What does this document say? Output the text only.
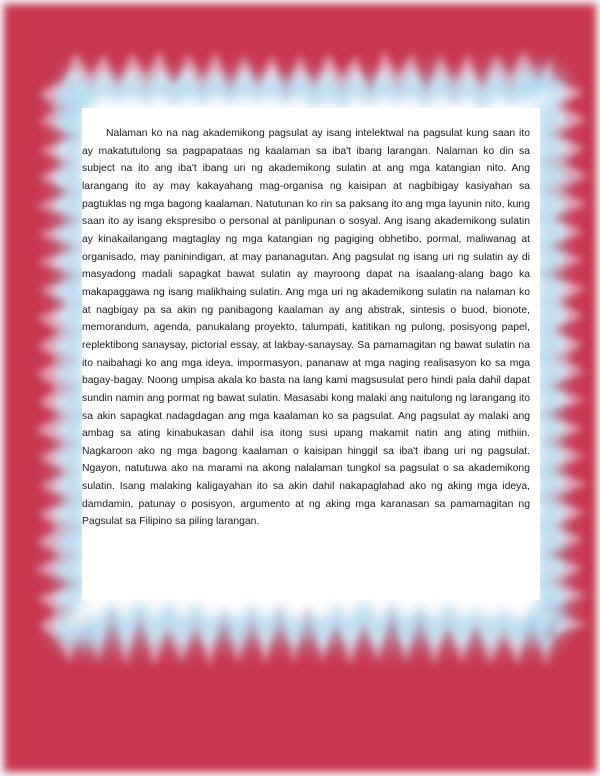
Nalaman ko na nag akademikong pagsulat ay isang intelektwal na pagsulat kung saan ito ay makatutulong sa pagpapataas ng kaalaman sa iba't ibang larangan. Nalaman ko din sa subject na ito ang iba't ibang uri ng akademikong sulatin at ang mga katangian nito. Ang larangang ito ay may kakayahang mag-organisa ng kaisipan at nagbibigay kasiyahan sa pagtuklas ng mga bagong kaalaman. Natutunan ko rin sa paksang ito ang mga layunin nito, kung saan ito ay isang ekspresibo o personal at panlipunan o sosyal. Ang isang akademikong sulatin ay kinakailangang magtaglay ng mga katangian ng pagiging obhetibo, pormal, maliwanag at organisado, may paninindigan, at may pananagutan. Ang pagsulat ng isang uri ng sulatin ay di masyadong madali sapagkat bawat sulatin ay mayroong dapat na isaalang-alang bago ka makapaggawa ng isang malikhaing sulatin. Ang mga uri ng akademikong sulatin na nalaman ko at nagbigay pa sa akin ng panibagong kaalaman ay ang abstrak, sintesis o buod, bionote, memorandum, agenda, panukalang proyekto, talumpati, katitikan ng pulong, posisyong papel, replektibong sanaysay, pictorial essay, at lakbay-sanaysay. Sa pamamagitan ng bawat sulatin na ito naibahagi ko ang mga ideya, impormasyon, pananaw at mga naging realisasyon ko sa mga bagay-bagay. Noong umpisa akala ko basta na lang kami magsusulat pero hindi pala dahil dapat sundin namin ang pormat ng bawat sulatin. Masasabi kong malaki ang naitulong ng larangang ito sa akin sapagkat nadagdagan ang mga kaalaman ko sa pagsulat. Ang pagsulat ay malaki ang ambag sa ating kinabukasan dahil isa itong susi upang makamit natin ang ating mithiin. Nagkaroon ako ng mga bagong kaalaman o kaisipan hinggil sa iba't ibang uri ng pagsulat. Ngayon, natutuwa ako na marami na akong nalalaman tungkol sa pagsulat o sa akademikong sulatin. Isang malaking kaligayahan ito sa akin dahil nakapaglahad ako ng aking mga ideya, damdamin, patunay o posisyon, argumento at ng aking mga karanasan sa pamamagitan ng Pagsulat sa Filipino sa piling larangan.
